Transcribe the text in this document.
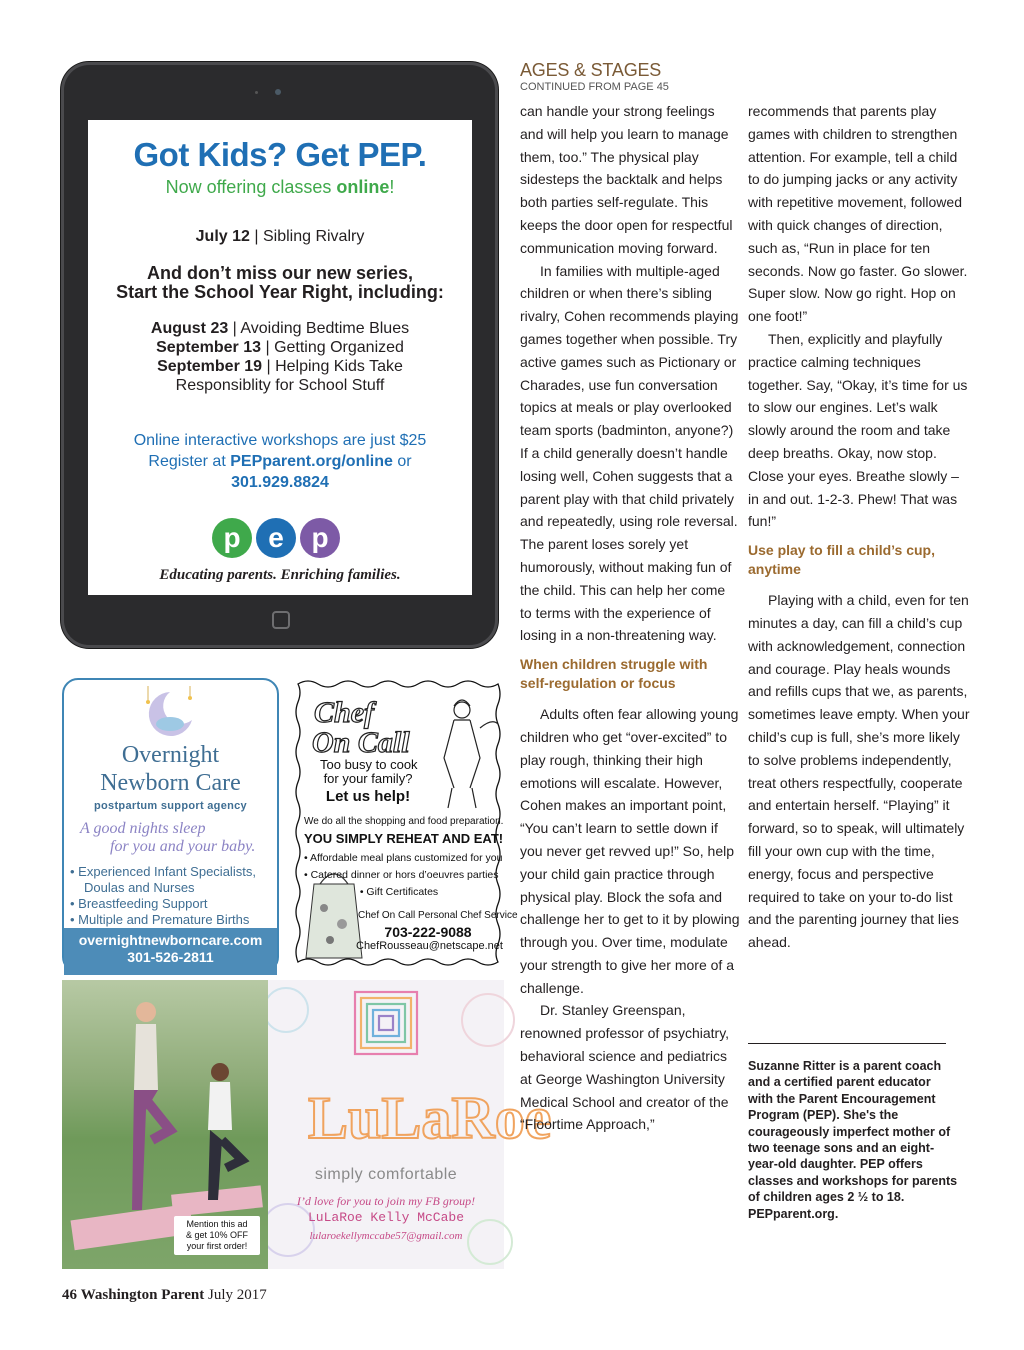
Got Kids? Get PEP.
Now offering classes online!
July 12 | Sibling Rivalry
And don’t miss our new series,
Start the School Year Right, including:
August 23 | Avoiding Bedtime Blues
September 13 | Getting Organized
September 19 | Helping Kids Take
Responsiblity for School Stuff
Online interactive workshops are just $25
Register at PEPparent.org/online or
301.929.8824
p e p
Educating parents. Enriching families.
Overnight
Newborn Care
postpartum support agency
A good nights sleep
for you and your baby.
• Experienced Infant Specialists,
Doulas and Nurses
• Breastfeeding Support
• Multiple and Premature Births
overnightnewborncare.com
301-526-2811
Chef
On Call
Too busy to cook
for your family?
Let us help!
We do all the shopping and food preparation.
YOU SIMPLY REHEAT AND EAT!
• Affordable meal plans customized for you
• Catered dinner or hors d’oeuvres parties
• Gift Certificates
Chef On Call Personal Chef Service
703-222-9088
ChefRousseau@netscape.net
Mention this ad
& get 10% OFF
your first order!
LuLaRoe
simply comfortable
I’d love for you to join my FB group!
LuLaRoe Kelly McCabe
lularoekellymccabe57@gmail.com
46 Washington Parent July 2017
AGES & STAGES
CONTINUED FROM PAGE 45

can handle your strong feelings and will help you learn to manage them, too.” The physical play sidesteps the backtalk and helps both parties self-regulate. This keeps the door open for respectful communication moving forward.

In families with multiple-aged children or when there’s sibling rivalry, Cohen recommends playing games together when possible. Try active games such as Pictionary or Charades, use fun conversation topics at meals or play overlooked team sports (badminton, anyone?) If a child generally doesn’t handle losing well, Cohen suggests that a parent play with that child privately and repeatedly, using role reversal. The parent loses sorely yet humorously, without making fun of the child. This can help her come to terms with the experience of losing in a non-threatening way.

When children struggle with self-regulation or focus

Adults often fear allowing young children who get “over-excited” to play rough, thinking their high emotions will escalate. However, Cohen makes an important point, “You can’t learn to settle down if you never get revved up!” So, help your child gain practice through physical play. Block the sofa and challenge her to get to it by plowing through you. Over time, modulate your strength to give her more of a challenge.

Dr. Stanley Greenspan, renowned professor of psychiatry, behavioral science and pediatrics at George Washington University Medical School and creator of the “Floortime Approach,”

recommends that parents play games with children to strengthen attention. For example, tell a child to do jumping jacks or any activity with repetitive movement, followed with quick changes of direction, such as, “Run in place for ten seconds. Now go faster. Go slower. Super slow. Now go right. Hop on one foot!”

Then, explicitly and playfully practice calming techniques together. Say, “Okay, it’s time for us to slow our engines. Let’s walk slowly around the room and take deep breaths. Okay, now stop. Close your eyes. Breathe slowly – in and out. 1-2-3. Phew! That was fun!”

Use play to fill a child’s cup, anytime

Playing with a child, even for ten minutes a day, can fill a child’s cup with acknowledgement, connection and courage. Play heals wounds and refills cups that we, as parents, sometimes leave empty. When your child’s cup is full, she’s more likely to solve problems independently, treat others respectfully, cooperate and entertain herself. “Playing” it forward, so to speak, will ultimately fill your own cup with the time, energy, focus and perspective required to take on your to-do list and the parenting journey that lies ahead.

Suzanne Ritter is a parent coach and a certified parent educator with the Parent Encouragement Program (PEP). She's the courageously imperfect mother of two teenage sons and an eight-year-old daughter. PEP offers classes and workshops for parents of children ages 2 ½ to 18. PEPparent.org.
